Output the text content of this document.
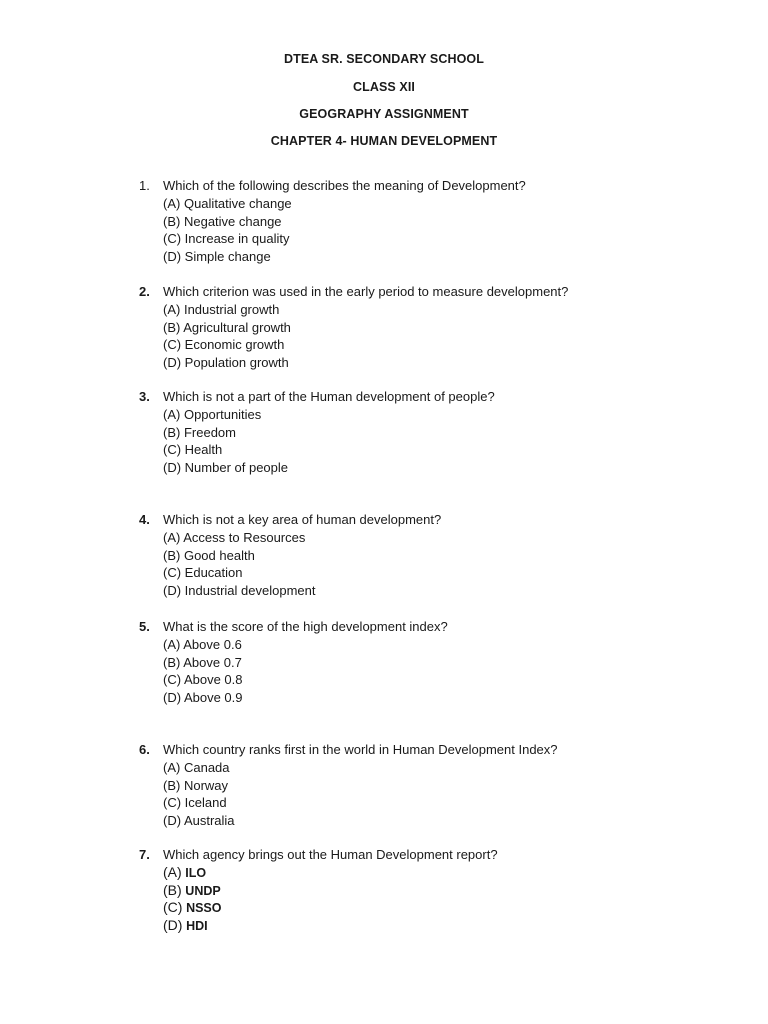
DTEA SR. SECONDARY SCHOOL
CLASS XII
GEOGRAPHY ASSIGNMENT
CHAPTER 4- HUMAN DEVELOPMENT
1.	Which of the following describes the meaning of Development?
(A) Qualitative change
(B) Negative change
(C) Increase in quality
(D) Simple change
2.	Which criterion was used in the early period to measure development?
(A) Industrial growth
(B) Agricultural growth
(C) Economic growth
(D) Population growth
3.	Which is not a part of the Human development of people?
(A) Opportunities
(B) Freedom
(C) Health
(D) Number of people
4.	Which is not a key area of human development?
(A) Access to Resources
(B) Good health
(C) Education
(D) Industrial development
5.	What is the score of the high development index?
(A) Above 0.6
(B) Above 0.7
(C) Above 0.8
(D) Above 0.9
6.	Which country ranks first in the world in Human Development Index?
(A) Canada
(B) Norway
(C) Iceland
(D) Australia
7.	Which agency brings out the Human Development report?
(A) ILO
(B) UNDP
(C) NSSO
(D) HDI
